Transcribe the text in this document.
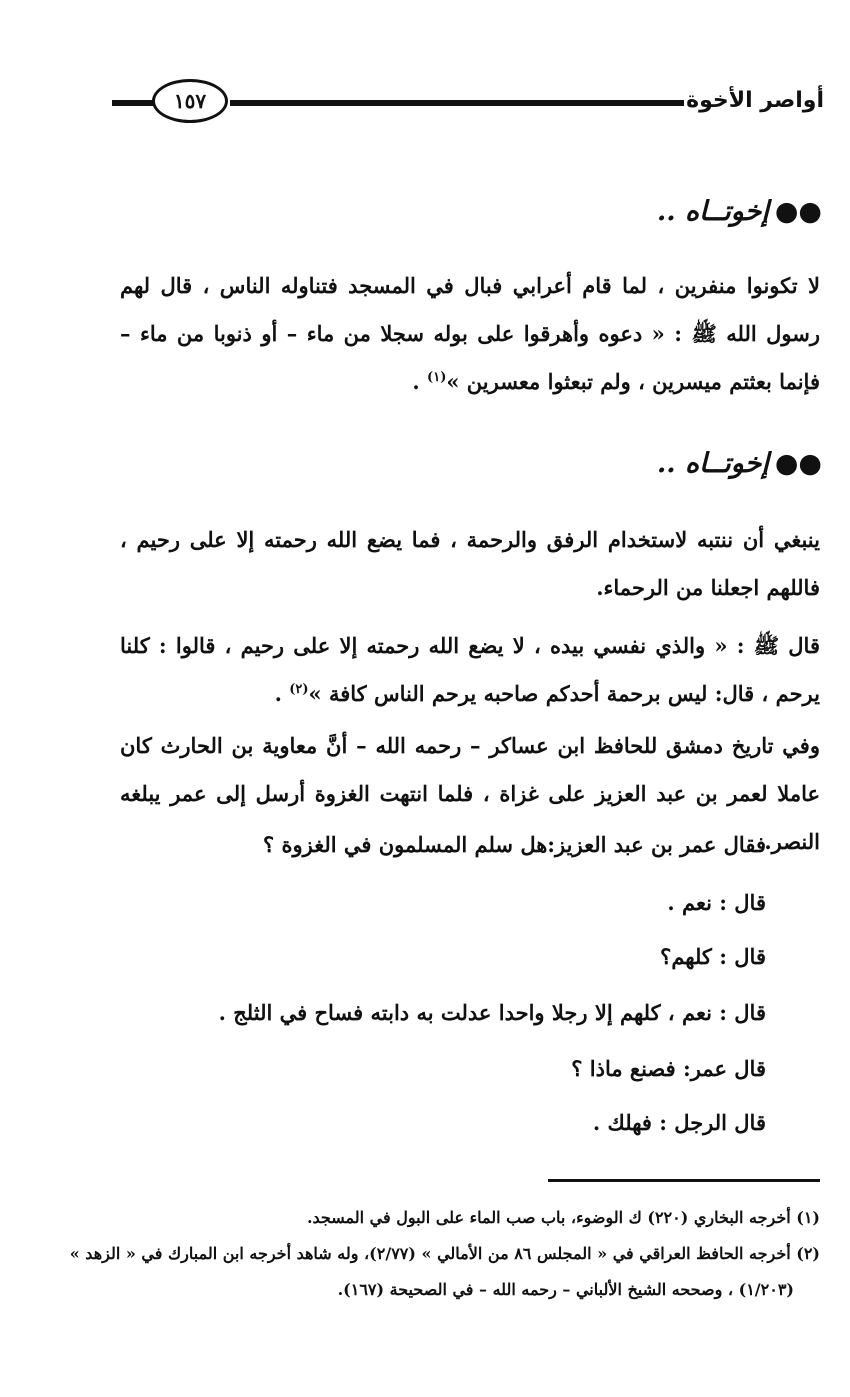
١٥٧	أواصر الأخوة
●●إخوتــاه ..
لا تكونوا منفرين ، لما قام أعرابي فبال في المسجد فتناوله الناس ، قال لهم رسول الله ﷺ : « دعوه وأهرقوا على بوله سجلا من ماء – أو ذنوبا من ماء – فإنما بعثتم ميسرين ، ولم تبعثوا معسرين »$^{(١)}$ .
●●إخوتــاه ..
ينبغي أن ننتبه لاستخدام الرفق والرحمة ، فما يضع الله رحمته إلا على رحيم ، فاللهم اجعلنا من الرحماء.
قال ﷺ : « والذي نفسي بيده ، لا يضع الله رحمته إلا على رحيم ، قالوا : كلنا يرحم ، قال: ليس برحمة أحدكم صاحبه يرحم الناس كافة »$^{(٢)}$ .
وفي تاريخ دمشق للحافظ ابن عساكر – رحمه الله – أنَّ معاوية بن الحارث كان عاملا لعمر بن عبد العزيز على غزاة ، فلما انتهت الغزوة أرسل إلى عمر يبلغه النصر.
فقال عمر بن عبد العزيز:هل سلم المسلمون في الغزوة ؟
قال : نعم .
قال : كلهم؟
قال : نعم ، كلهم إلا رجلا واحدا عدلت به دابته فساح في الثلج .
قال عمر: فصنع ماذا ؟
قال الرجل : فهلك .
(١) أخرجه البخاري (٢٢٠) ك الوضوء، باب صب الماء على البول في المسجد.
(٢) أخرجه الحافظ العراقي في « المجلس ٨٦ من الأمالي » (٢/٧٧)، وله شاهد أخرجه ابن المبارك في « الزهد »
(١/٢٠٣) ، وصححه الشيخ الألباني – رحمه الله – في الصحيحة (١٦٧).
